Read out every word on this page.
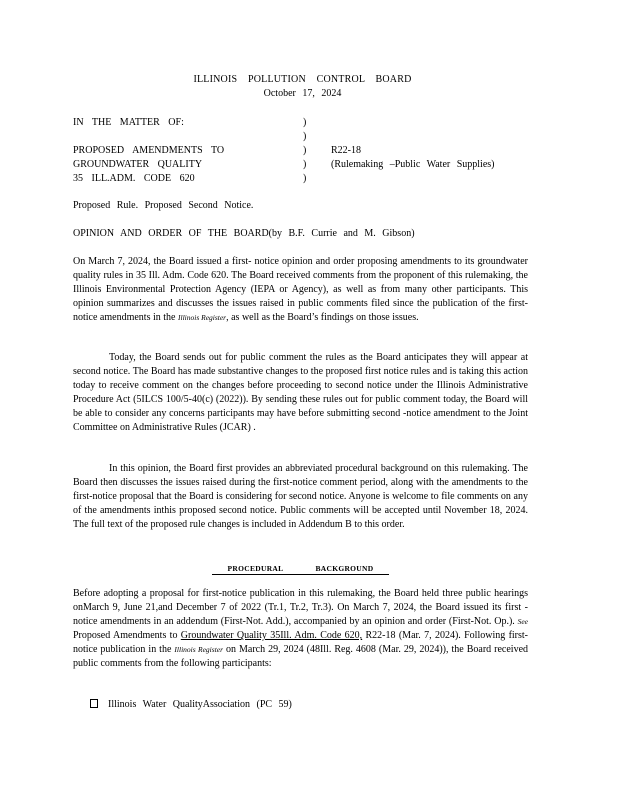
ILLINOIS POLLUTION CONTROL BOARD
October 17, 2024
IN THE MATTER OF:	)
)
PROPOSED AMENDMENTS TO	) R22-18
GROUNDWATER QUALITY	) (Rulemaking –Public Water Supplies)
35 ILL.ADM. CODE 620	)
Proposed Rule. Proposed Second Notice.
OPINION AND ORDER OF THE BOARD(by B.F. Currie and M. Gibson)

On March 7, 2024, the Board issued a first- notice opinion and order proposing amendments to its groundwater quality rules in 35 Ill. Adm. Code 620. The Board received comments from the proponent of this rulemaking, the Illinois Environmental Protection Agency (IEPA or Agency), as well as from many other participants. This opinion summarizes and discusses the issues raised in public comments filed since the publication of the first- notice amendments in the Illinois Register, as well as the Board’s findings on those issues.

Today, the Board sends out for public comment the rules as the Board anticipates they will appear at second notice. The Board has made substantive changes to the proposed first notice rules and is taking this action today to receive comment on the changes before proceeding to second notice under the Illinois Administrative Procedure Act (5ILCS 100/5-40(c) (2022)). By sending these rules out for public comment today, the Board will be able to consider any concerns participants may have before submitting second -notice amendment to the Joint Committee on Administrative Rules (JCAR) .

In this opinion, the Board first provides an abbreviated procedural background on this rulemaking. The Board then discusses the issues raised during the first-notice comment period, along with the amendments to the first-notice proposal that the Board is considering for second notice. Anyone is welcome to file comments on any of the amendments inthis proposed second notice. Public comments will be accepted until November 18, 2024. The full text of the proposed rule changes is included in Addendum B to this order.

PROCEDURAL	BACKGROUND

Before adopting a proposal for first-notice publication in this rulemaking, the Board held three public hearings onMarch 9, June 21,and December 7 of 2022 (Tr.1, Tr.2, Tr.3). On March 7, 2024, the Board issued its first -notice amendments in an addendum (First-Not. Add.), accompanied by an opinion and order (First-Not. Op.). See Proposed Amendments to Groundwater Quality 35Ill. Adm. Code 620, R22-18 (Mar. 7, 2024). Following first- notice publication in the Illinois Register on March 29, 2024 (48Ill. Reg. 4608 (Mar. 29, 2024)), the Board received public comments from the following participants:

Illinois Water QualityAssociation (PC 59)
